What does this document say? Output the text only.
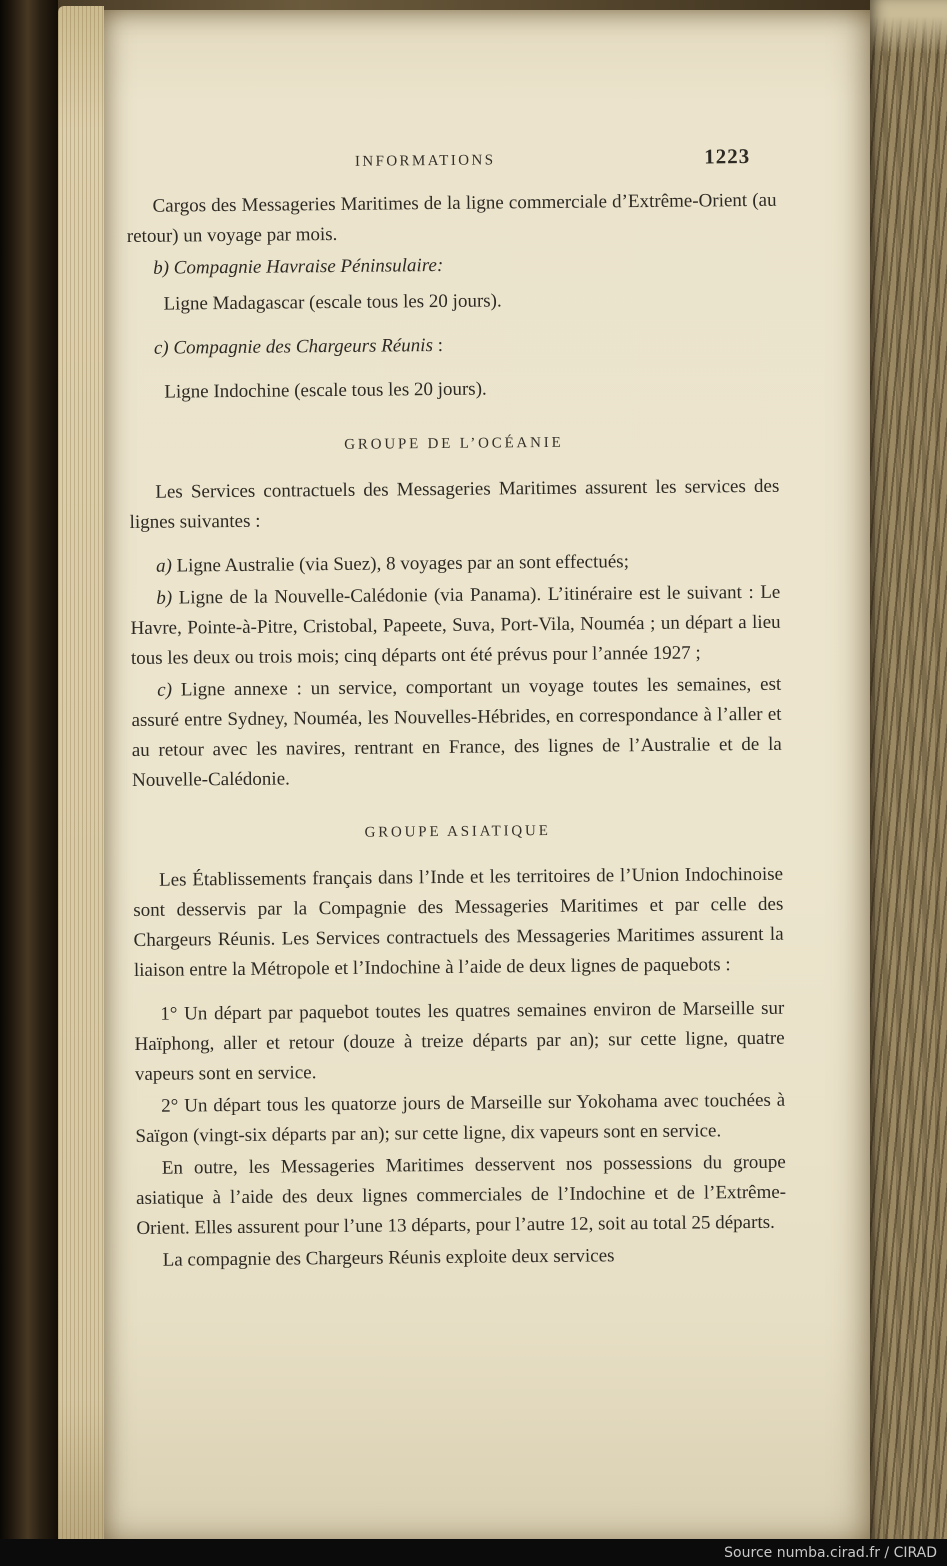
INFORMATIONS	1223
Cargos des Messageries Maritimes de la ligne commerciale d’Extrême-Orient (au retour) un voyage par mois.
b) Compagnie Havraise Péninsulaire:
Ligne Madagascar (escale tous les 20 jours).
c) Compagnie des Chargeurs Réunis :
Ligne Indochine (escale tous les 20 jours).
GROUPE DE L’OCÉANIE
Les Services contractuels des Messageries Maritimes assurent les services des lignes suivantes :
a) Ligne Australie (via Suez), 8 voyages par an sont effectués;
b) Ligne de la Nouvelle-Calédonie (via Panama). L’itinéraire est le suivant : Le Havre, Pointe-à-Pitre, Cristobal, Papeete, Suva, Port-Vila, Nouméa ; un départ a lieu tous les deux ou trois mois; cinq départs ont été prévus pour l’année 1927 ;
c) Ligne annexe : un service, comportant un voyage toutes les semaines, est assuré entre Sydney, Nouméa, les Nouvelles-Hébrides, en correspondance à l’aller et au retour avec les navires, rentrant en France, des lignes de l’Australie et de la Nouvelle-Calédonie.
GROUPE ASIATIQUE
Les Établissements français dans l’Inde et les territoires de l’Union Indochinoise sont desservis par la Compagnie des Messageries Maritimes et par celle des Chargeurs Réunis. Les Services contractuels des Messageries Maritimes assurent la liaison entre la Métropole et l’Indochine à l’aide de deux lignes de paquebots :
1° Un départ par paquebot toutes les quatres semaines environ de Marseille sur Haïphong, aller et retour (douze à treize départs par an); sur cette ligne, quatre vapeurs sont en service.
2° Un départ tous les quatorze jours de Marseille sur Yokohama avec touchées à Saïgon (vingt-six départs par an); sur cette ligne, dix vapeurs sont en service.
En outre, les Messageries Maritimes desservent nos possessions du groupe asiatique à l’aide des deux lignes commerciales de l’Indochine et de l’Extrême-Orient. Elles assurent pour l’une 13 départs, pour l’autre 12, soit au total 25 départs.
La compagnie des Chargeurs Réunis exploite deux services
Source numba.cirad.fr / CIRAD
